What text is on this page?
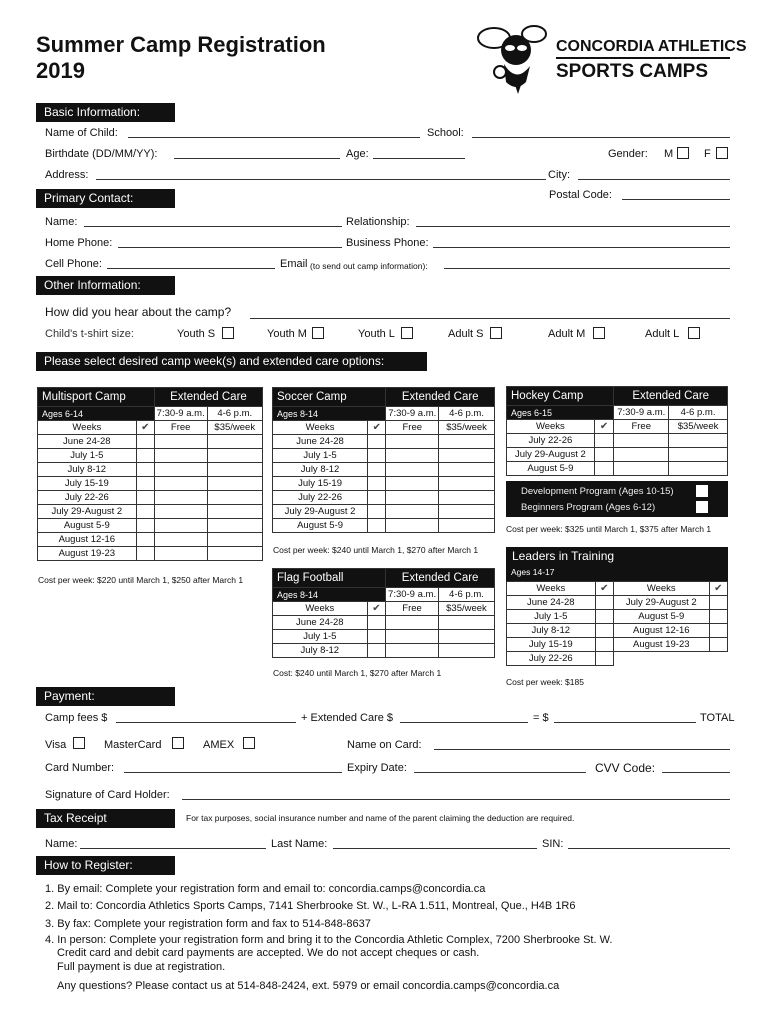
Summer Camp Registration
2019
CONCORDIA ATHLETICS
SPORTS CAMPS
Basic Information:
Name of Child:	School:
Birthdate (DD/MM/YY):	Age:	Gender: M	F
Address:	City:
Postal Code:
Primary Contact:
Name:	Relationship:
Home Phone:	Business Phone:
Cell Phone:	Email (to send out camp information):
Other Information:
How did you hear about the camp?
Child's t-shirt size:	Youth S	Youth M	Youth L	Adult S	Adult M	Adult L
Please select desired camp week(s) and extended care options:
Multisport Camp		Extended Care	
Ages 6-14		7:30-9 a.m.	4-6 p.m.
Weeks	✔	Free	$35/week
June 24-28			
July 1-5			
July 8-12			
July 15-19			
July 22-26			
July 29-August 2			
August 5-9			
August 12-16			
August 19-23			
Cost per week: $220 until March 1, $250 after March 1
Soccer Camp		Extended Care	
Ages 8-14		7:30-9 a.m.	4-6 p.m.
Weeks	✔	Free	$35/week
June 24-28			
July 1-5			
July 8-12			
July 15-19			
July 22-26			
July 29-August 2			
August 5-9			
Cost per week: $240 until March 1, $270 after March 1
Flag Football		Extended Care	
Ages 8-14		7:30-9 a.m.	4-6 p.m.
Weeks	✔	Free	$35/week
June 24-28			
July 1-5			
July 8-12			
Cost: $240 until March 1, $270 after March 1
Hockey Camp		Extended Care	
Ages 6-15		7:30-9 a.m.	4-6 p.m.
Weeks	✔	Free	$35/week
July 22-26			
July 29-August 2			
August 5-9			
Development Program (Ages 10-15)
Beginners Program (Ages 6-12)
Cost per week: $325 until March 1, $375 after March 1
Leaders in Training
Ages 14-17
Weeks	✔	Weeks	✔
June 24-28		July 29-August 2	
July 1-5		August 5-9	
July 8-12		August 12-16	
July 15-19		August 19-23	
July 22-26			
Cost per week: $185
Payment:
Camp fees $	+ Extended Care $	= $	TOTAL
Visa	MasterCard	AMEX	Name on Card:
Card Number:	Expiry Date:	CVV Code:
Signature of Card Holder:
Tax Receipt	For tax purposes, social insurance number and name of the parent claiming the deduction are required.
Name:	Last Name:	SIN:
How to Register:
1. By email: Complete your registration form and email to: concordia.camps@concordia.ca
2. Mail to: Concordia Athletics Sports Camps, 7141 Sherbrooke St. W., L-RA 1.511, Montreal, Que., H4B 1R6
3. By fax: Complete your registration form and fax to 514-848-8637
4. In person: Complete your registration form and bring it to the Concordia Athletic Complex, 7200 Sherbrooke St. W.
Credit card and debit card payments are accepted. We do not accept cheques or cash.
Full payment is due at registration.
Any questions? Please contact us at 514-848-2424, ext. 5979 or email concordia.camps@concordia.ca
